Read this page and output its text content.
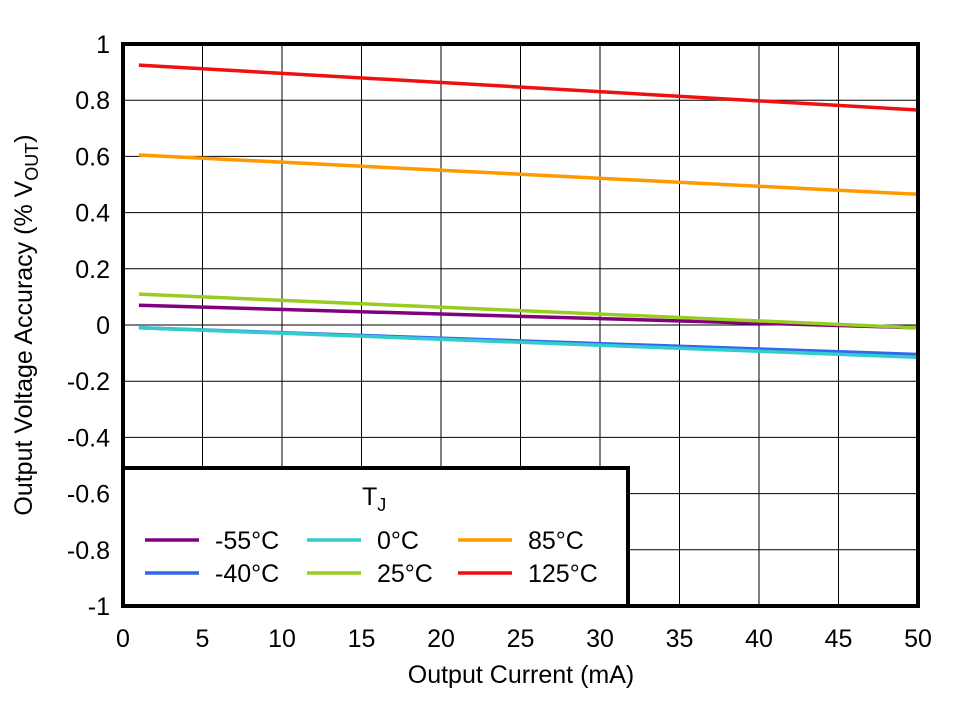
0	5 10 15 20 25 30 35 40 45 50
-1
-0.8
-0.6
-0.4
-0.2
0
0.2
0.4
0.6
0.8
1
Output Current (mA)
Output Voltage Accuracy (% $V_{OUT}$)
$T_J$
-55°C
-40°C
0°C
25°C
85°C
125°C
